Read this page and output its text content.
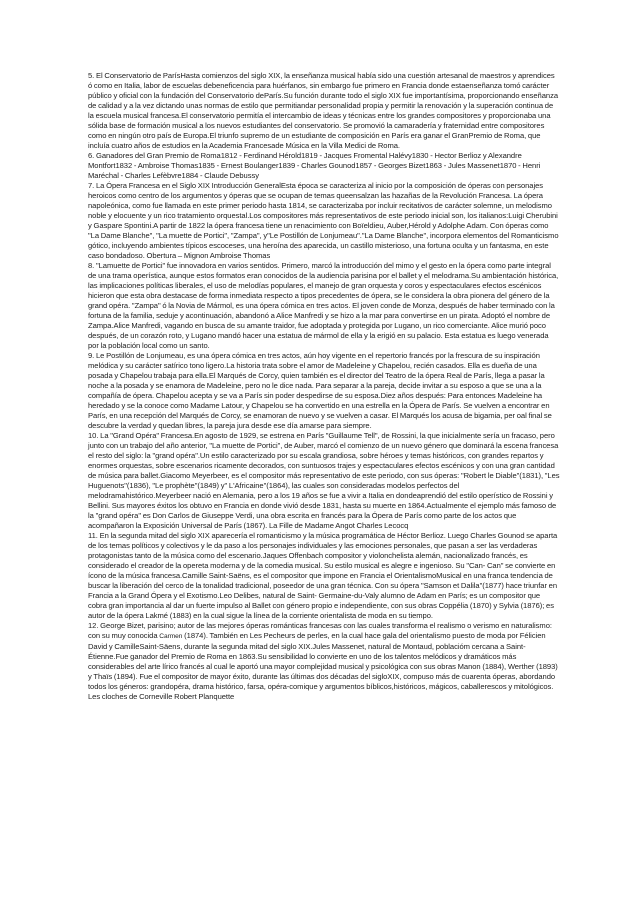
5. El Conservatorio de ParísHasta comienzos del siglo XIX, la enseñanza musical había sido una cuestión artesanal de maestros y aprendices ó como en Italia, labor de escuelas debeneficencia para huérfanos, sin embargo fue primero en Francia donde estaenseñanza tomó carácter público y oficial con la fundación del Conservatorio deParís.Su función durante todo el siglo XIX fue importantísima, proporcionando enseñanza de calidad y a la vez dictando unas normas de estilo que permitiandar personalidad propia y permitir la renovación y la superación continua de la escuela musical francesa.El conservatorio permitía el intercambio de ideas y técnicas entre los grandes compositores y proporcionaba una sólida base de formación musical a los nuevos estudiantes del conservatorio. Se promovió la camaradería y fraternidad entre compositores como en ningún otro país de Europa.El triunfo supremo de un estudiante de composición en París era ganar el GranPremio de Roma, que incluía cuatro años de estudios en la Academia Francesade Música en la Villa Medici de Roma.

6. Ganadores del Gran Premio de Roma1812 - Ferdinand Hérold1819 - Jacques Fromental Halévy1830 - Hector Berlioz y Alexandre Montfort1832 - Ambroise Thomas1835 - Ernest Boulanger1839 - Charles Gounod1857 - Georges Bizet1863 - Jules Massenet1870 - Henri Maréchal - Charles Lefèbvre1884 - Claude Debussy

7. La Ópera Francesa en el Siglo XIX Introducción GeneralEsta época se caracteriza al inicio por la composición de óperas con personajes heroicos como centro de los argumentos y óperas que se ocupan de temas queensalzan las hazañas de la Revolución Francesa. La ópera napoleónica, como fue llamada en este primer periodo hasta 1814, se caracterizaba por incluir recitativos de carácter solemne, un melodismo noble y elocuente y un rico tratamiento orquestal.Los compositores más representativos de este periodo inicial son, los italianos:Luigi Cherubini y Gaspare Spontini.A partir de 1822 la ópera francesa tiene un renacimiento con Boïeldieu, Auber,Hérold y Adolphe Adam. Con óperas como "La Dame Blanche", "La muette de Portici", "Zampa", y"Le Postillón de Lonjumeau"."La Dame Blanche", incorpora elementos del Romanticismo gótico, incluyendo ambientes típicos escoceses, una heroína des aparecida, un castillo misterioso, una fortuna oculta y un fantasma, en este caso bondadoso. Obertura – Mignon Ambroise Thomas

8. "Lamuette de Portici" fue innovadora en varios sentidos. Primero, marcó la introducción del mimo y el gesto en la ópera como parte integral de una trama operística, aunque estos formatos eran conocidos de la audiencia parisina por el ballet y el melodrama.Su ambientación histórica, las implicaciones políticas liberales, el uso de melodías populares, el manejo de gran orquesta y coros y espectaculares efectos escénicos hicieron que esta obra destacase de forma inmediata respecto a tipos precedentes de ópera, se le considera la obra pionera del género de la grand opéra. "Zampa" ó la Novia de Mármol, es una ópera cómica en tres actos. El joven conde de Monza, después de haber terminado con la fortuna de la familia, seduje y acontinuación, abandonó a Alice Manfredi y se hizo a la mar para convertirse en un pirata. Adoptó el nombre de Zampa.Alice Manfredi, vagando en busca de su amante traidor, fue adoptada y protegida por Lugano, un rico comerciante. Alice murió poco después, de un corazón roto, y Lugano mandó hacer una estatua de mármol de ella y la erigió en su palacio. Esta estatua es luego venerada por la población local como un santo.

9. Le Postillón de Lonjumeau, es una ópera cómica en tres actos, aún hoy vigente en el repertorio francés por la frescura de su inspiración melódica y su carácter satírico tono ligero.La historia trata sobre el amor de Madeleine y Chapelou, recién casados. Ella es dueña de una posada y Chapelou trabaja para ella.El Marqués de Corcy, quien también es el director del Teatro de la ópera Real de París, llega a pasar la noche a la posada y se enamora de Madeleine, pero no le dice nada. Para separar a la pareja, decide invitar a su esposo a que se una a la compañía de ópera. Chapelou acepta y se va a París sin poder despedirse de su esposa.Diez años después: Para entonces Madeleine ha heredado y se la conoce como Madame Latour, y Chapelou se ha convertido en una estrella en la Ópera de París. Se vuelven a encontrar en París, en una recepción del Marqués de Corcy, se enamoran de nuevo y se vuelven a casar. El Marqués los acusa de bigamia, per oal final se descubre la verdad y quedan libres, la pareja jura desde ese día amarse para siempre.

10. La "Grand Opéra" Francesa.En agosto de 1929, se estrena en París "Guillaume Tell", de Rossini, la que inicialmente sería un fracaso, pero junto con un trabajo del año anterior, "La muette de Portici", de Auber, marcó el comienzo de un nuevo género que dominará la escena francesa el resto del siglo: la "grand opéra".Un estilo caracterizado por su escala grandiosa, sobre héroes y temas históricos, con grandes repartos y enormes orquestas, sobre escenarios ricamente decorados, con suntuosos trajes y espectaculares efectos escénicos y con una gran cantidad de música para ballet.Giacomo Meyerbeer, es el compositor más representativo de este periodo, con sus óperas: "Robert le Diable"(1831), "Les Huguenots"(1836), "Le prophète"(1849) y" L'Africaine"(1864), las cuales son consideradas modelos perfectos del melodramahistórico.Meyerbeer nació en Alemania, pero a los 19 años se fue a vivir a Italia en dondeaprendió del estilo operístico de Rossini y Bellini. Sus mayores éxitos los obtuvo en Francia en donde vivió desde 1831, hasta su muerte en 1864.Actualmente el ejemplo más famoso de la "grand opéra" es Don Carlos de Giuseppe Verdi, una obra escrita en francés para la Ópera de París como parte de los actos que acompañaron la Exposición Universal de París (1867). La Fille de Madame Angot Charles Lecocq

11. En la segunda mitad del siglo XIX aparecería el romanticismo y la música programática de Héctor Berlioz. Luego Charles Gounod se aparta de los temas políticos y colectivos y le da paso a los personajes individuales y las emociones personales, que pasan a ser las verdaderas protagonistas tanto de la música como del escenario.Jaques Offenbach compositor y violonchelista alemán, nacionalizado francés, es considerado el creador de la opereta moderna y de la comedia musical. Su estilo musical es alegre e ingenioso. Su "Can- Can" se convierte en ícono de la música francesa.Camille Saint-Saëns, es el compositor que impone en Francia el OrientalismoMusical en una franca tendencia de buscar la liberación del cerco de la tonalidad tradicional, poseedor de una gran técnica. Con su ópera "Samson et Dalila"(1877) hace triunfar en Francia a la Grand Ópera y el Exotismo.Leo Delibes, natural de Saint- Germaine-du-Valy alumno de Adam en París; es un compositor que cobra gran importancia al dar un fuerte impulso al Ballet con género propio e independiente, con sus obras Coppélia (1870) y Sylvia (1876); es autor de la ópera Lakmé (1883) en la cual sigue la línea de la corriente orientalista de moda en su tiempo.

12. George Bizet, parisino; autor de las mejores óperas románticas francesas con las cuales transforma el realismo o verismo en naturalismo: con su muy conocida Carmen (1874). También en Les Pecheurs de perles, en la cual hace gala del orientalismo puesto de moda por Félicien David y CamilleSaint-Säens, durante la segunda mitad del siglo XIX.Jules Massenet, natural de Montaud, poblacióm cercana a Saint-Étienne.Fue ganador del Premio de Roma en 1863.Su sensibilidad lo convierte en uno de los talentos melódicos y dramáticos más considerables del arte lírico francés al cual le aportó una mayor complejidad musical y psicológica con sus obras Manon (1884), Werther (1893) y Thaïs (1894). Fue el compositor de mayor éxito, durante las últimas dos décadas del sigloXIX, compuso más de cuarenta óperas, abordando todos los géneros: grandopéra, drama histórico, farsa, opéra-comique y argumentos bíblicos,históricos, mágicos, caballerescos y mitológicos. Les cloches de Corneville Robert Planquette
